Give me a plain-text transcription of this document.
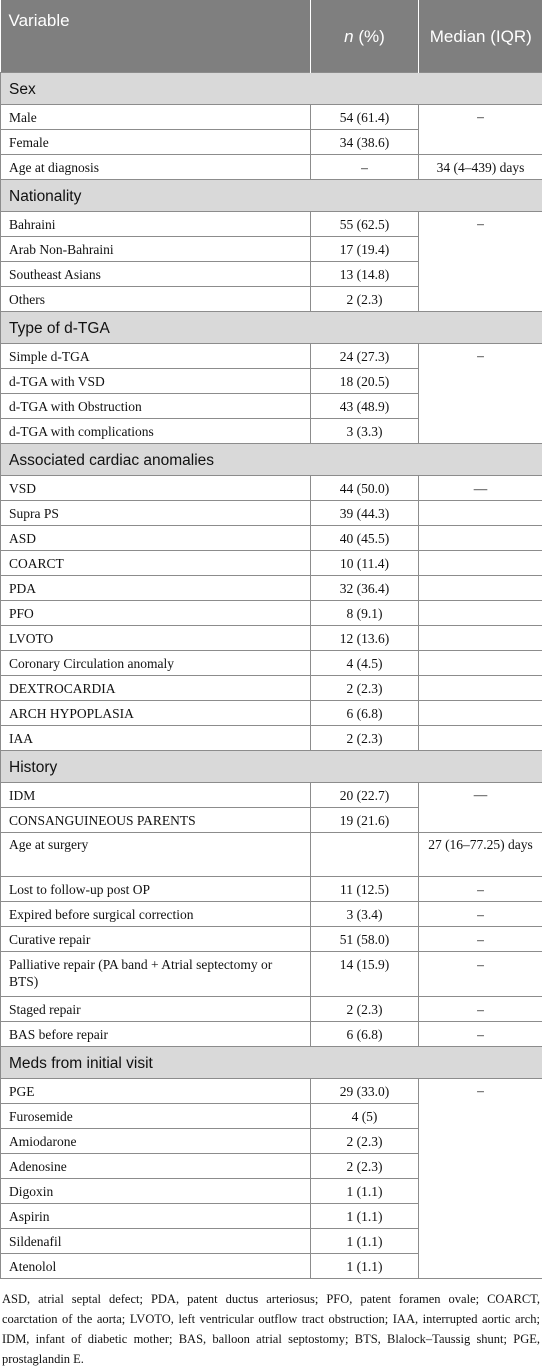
Variable	n (%)	Median (IQR)
Sex		
Male	54 (61.4)	–
Female	34 (38.6)	
Age at diagnosis	–	34 (4–439) days
Nationality		
Bahraini	55 (62.5)	–
Arab Non-Bahraini	17 (19.4)	
Southeast Asians	13 (14.8)	
Others	2 (2.3)	
Type of d-TGA		
Simple d-TGA	24 (27.3)	–
d-TGA with VSD	18 (20.5)	
d-TGA with Obstruction	43 (48.9)	
d-TGA with complications	3 (3.3)	
Associated cardiac anomalies		
VSD	44 (50.0)	—
Supra PS	39 (44.3)	
ASD	40 (45.5)	
COARCT	10 (11.4)	
PDA	32 (36.4)	
PFO	8 (9.1)	
LVOTO	12 (13.6)	
Coronary Circulation anomaly	4 (4.5)	
DEXTROCARDIA	2 (2.3)	
ARCH HYPOPLASIA	6 (6.8)	
IAA	2 (2.3)	
History		
IDM	20 (22.7)	—
CONSANGUINEOUS PARENTS	19 (21.6)	
Age at surgery		27 (16–77.25) days
Lost to follow-up post OP	11 (12.5)	–
Expired before surgical correction	3 (3.4)	–
Curative repair	51 (58.0)	–
Palliative repair (PA band + Atrial septectomy or BTS)	14 (15.9)	–
Staged repair	2 (2.3)	–
BAS before repair	6 (6.8)	–
Meds from initial visit		
PGE	29 (33.0)	–
Furosemide	4 (5)	
Amiodarone	2 (2.3)	
Adenosine	2 (2.3)	
Digoxin	1 (1.1)	
Aspirin	1 (1.1)	
Sildenafil	1 (1.1)	
Atenolol	1 (1.1)	
ASD, atrial septal defect; PDA, patent ductus arteriosus; PFO, patent foramen ovale; COARCT, coarctation of the aorta; LVOTO, left ventricular outflow tract obstruction; IAA, interrupted aortic arch; IDM, infant of diabetic mother; BAS, balloon atrial septostomy; BTS, Blalock–Taussig shunt; PGE, prostaglandin E.
